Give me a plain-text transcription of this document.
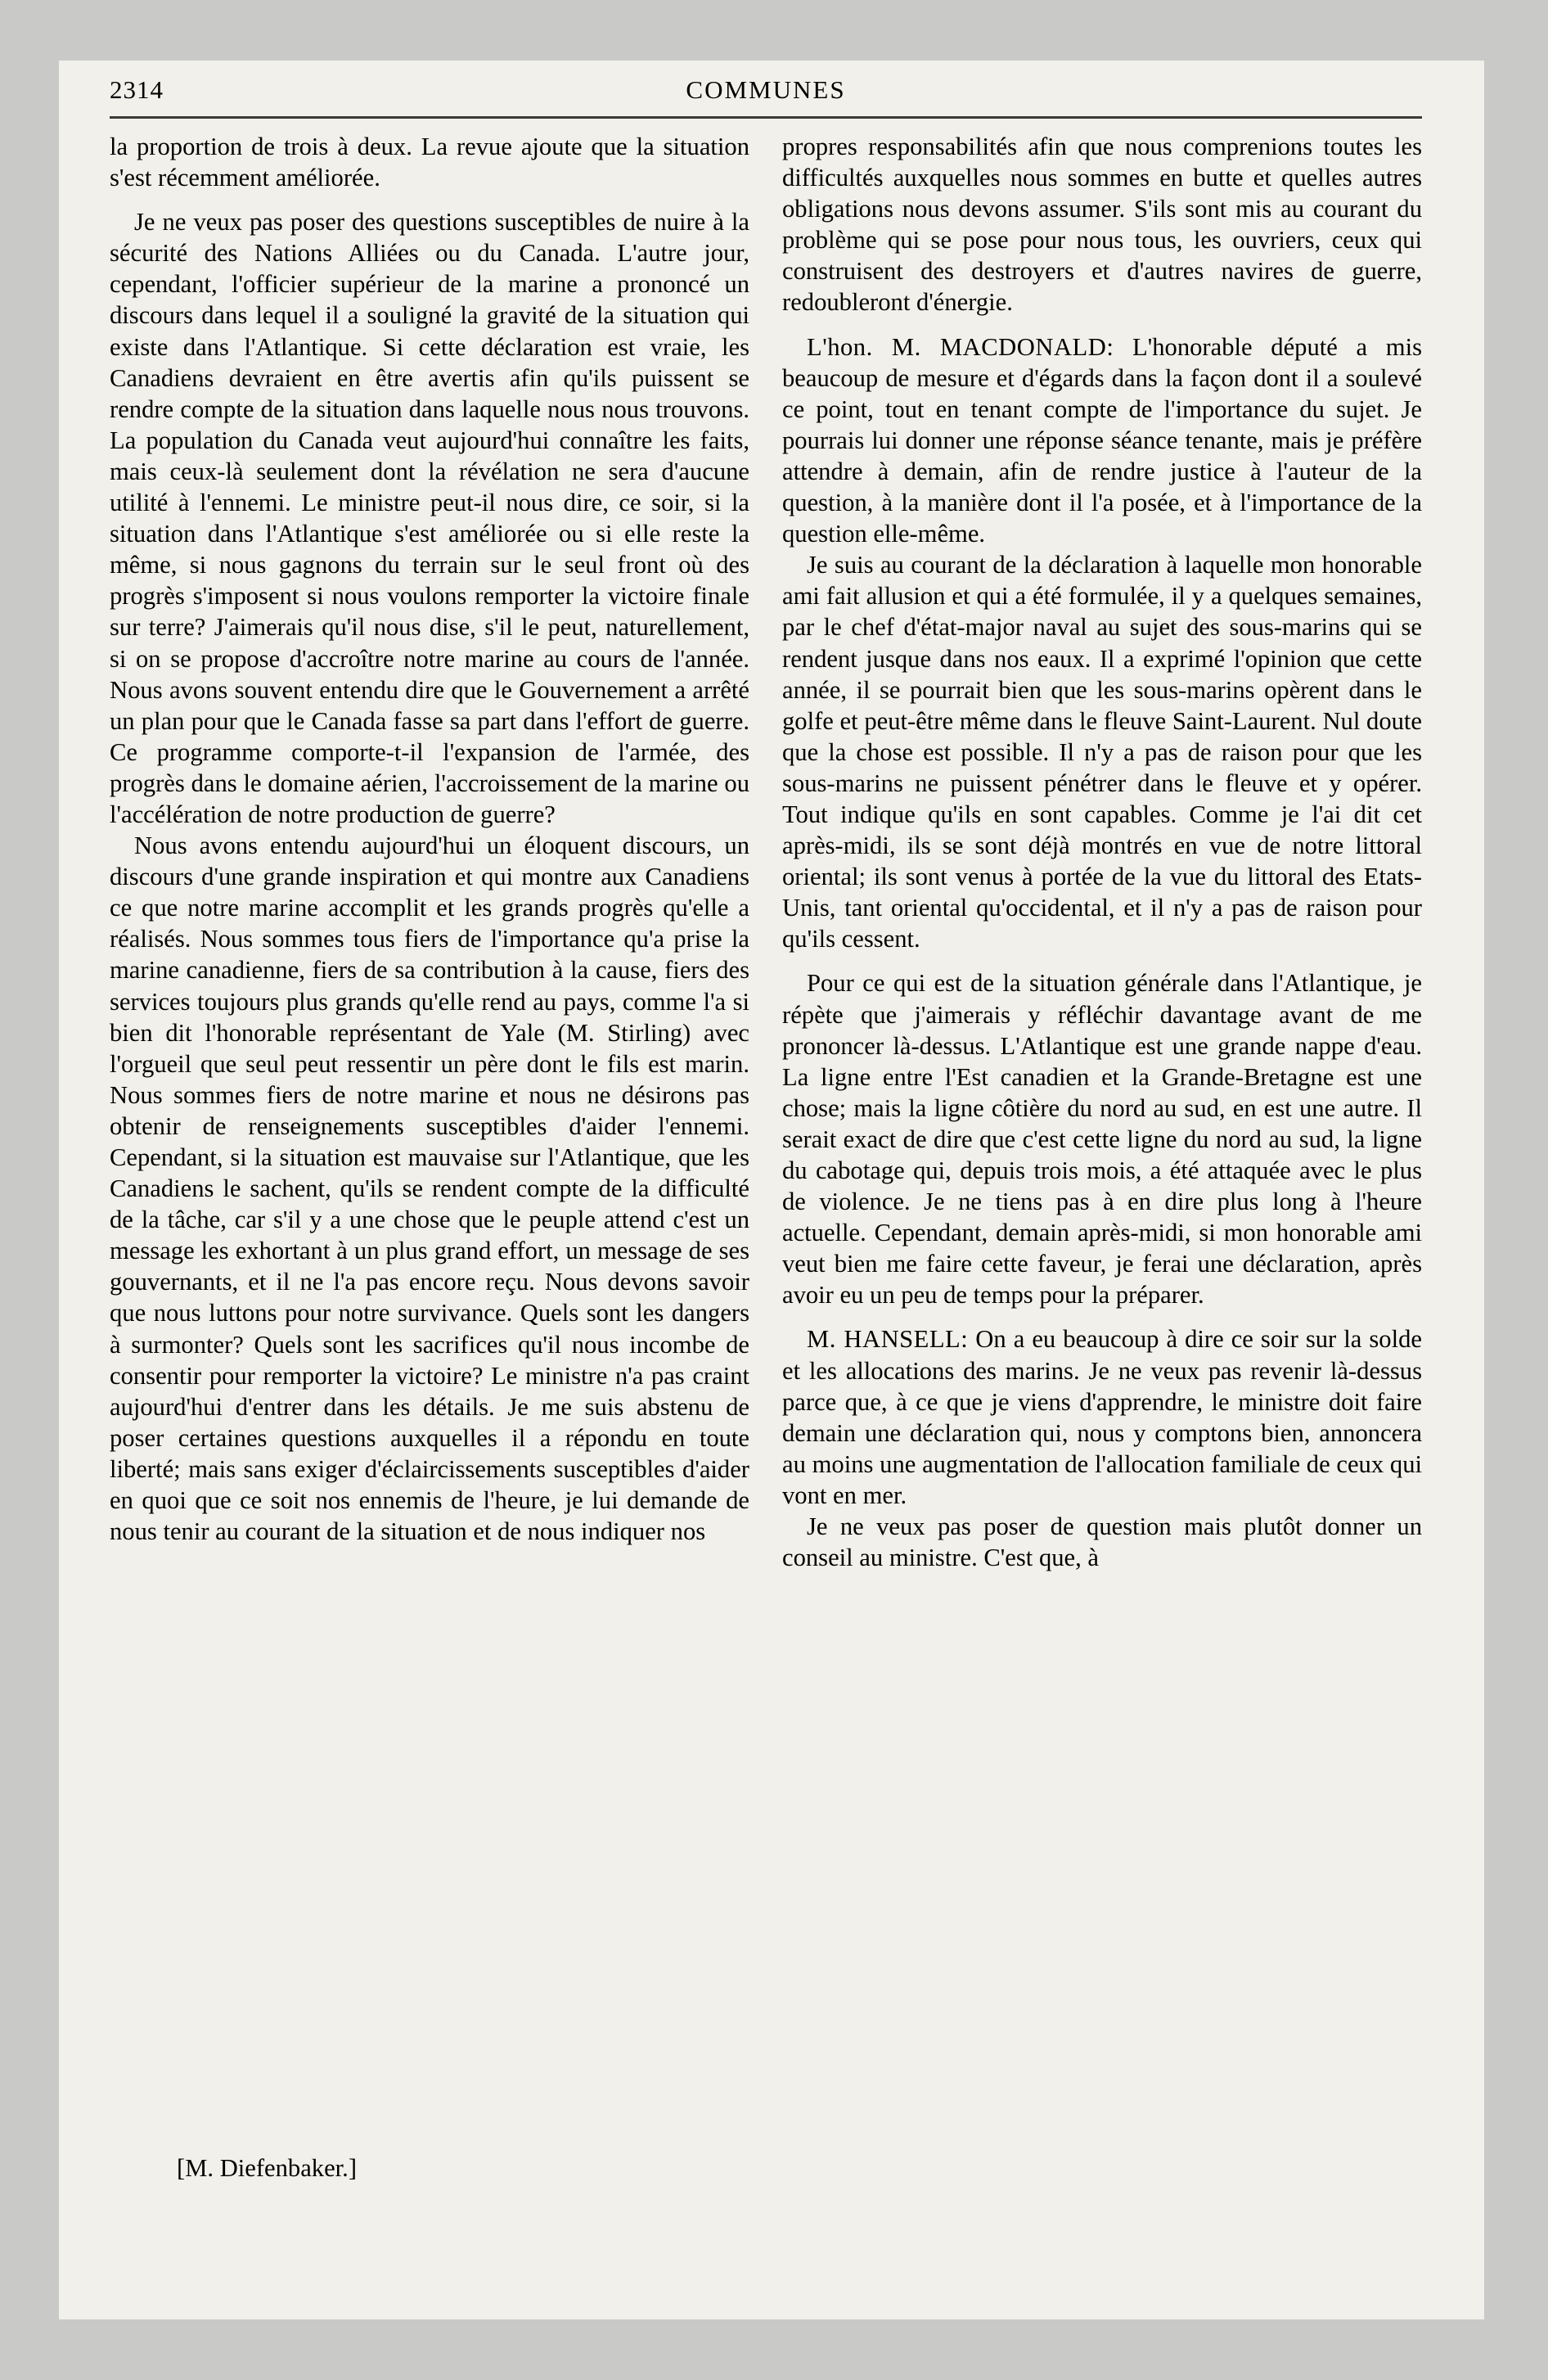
2314	COMMUNES

la proportion de trois à deux. La revue ajoute que la situation s'est récemment améliorée.

Je ne veux pas poser des questions susceptibles de nuire à la sécurité des Nations Alliées ou du Canada. L'autre jour, cependant, l'officier supérieur de la marine a prononcé un discours dans lequel il a souligné la gravité de la situation qui existe dans l'Atlantique. Si cette déclaration est vraie, les Canadiens devraient en être avertis afin qu'ils puissent se rendre compte de la situation dans laquelle nous nous trouvons. La population du Canada veut aujourd'hui connaître les faits, mais ceux-là seulement dont la révélation ne sera d'aucune utilité à l'ennemi. Le ministre peut-il nous dire, ce soir, si la situation dans l'Atlantique s'est améliorée ou si elle reste la même, si nous gagnons du terrain sur le seul front où des progrès s'imposent si nous voulons remporter la victoire finale sur terre? J'aimerais qu'il nous dise, s'il le peut, naturellement, si on se propose d'accroître notre marine au cours de l'année. Nous avons souvent entendu dire que le Gouvernement a arrêté un plan pour que le Canada fasse sa part dans l'effort de guerre. Ce programme comporte-t-il l'expansion de l'armée, des progrès dans le domaine aérien, l'accroissement de la marine ou l'accélération de notre production de guerre?

Nous avons entendu aujourd'hui un éloquent discours, un discours d'une grande inspiration et qui montre aux Canadiens ce que notre marine accomplit et les grands progrès qu'elle a réalisés. Nous sommes tous fiers de l'importance qu'a prise la marine canadienne, fiers de sa contribution à la cause, fiers des services toujours plus grands qu'elle rend au pays, comme l'a si bien dit l'honorable représentant de Yale (M. Stirling) avec l'orgueil que seul peut ressentir un père dont le fils est marin. Nous sommes fiers de notre marine et nous ne désirons pas obtenir de renseignements susceptibles d'aider l'ennemi. Cependant, si la situation est mauvaise sur l'Atlantique, que les Canadiens le sachent, qu'ils se rendent compte de la difficulté de la tâche, car s'il y a une chose que le peuple attend c'est un message les exhortant à un plus grand effort, un message de ses gouvernants, et il ne l'a pas encore reçu. Nous devons savoir que nous luttons pour notre survivance. Quels sont les dangers à surmonter? Quels sont les sacrifices qu'il nous incombe de consentir pour remporter la victoire? Le ministre n'a pas craint aujourd'hui d'entrer dans les détails. Je me suis abstenu de poser certaines questions auxquelles il a répondu en toute liberté; mais sans exiger d'éclaircissements susceptibles d'aider en quoi que ce soit nos ennemis de l'heure, je lui demande de nous tenir au courant de la situation et de nous indiquer nos

[M. Diefenbaker.]

propres responsabilités afin que nous comprenions toutes les difficultés auxquelles nous sommes en butte et quelles autres obligations nous devons assumer. S'ils sont mis au courant du problème qui se pose pour nous tous, les ouvriers, ceux qui construisent des destroyers et d'autres navires de guerre, redoubleront d'énergie.

L'hon. M. MACDONALD: L'honorable député a mis beaucoup de mesure et d'égards dans la façon dont il a soulevé ce point, tout en tenant compte de l'importance du sujet. Je pourrais lui donner une réponse séance tenante, mais je préfère attendre à demain, afin de rendre justice à l'auteur de la question, à la manière dont il l'a posée, et à l'importance de la question elle-même.

Je suis au courant de la déclaration à laquelle mon honorable ami fait allusion et qui a été formulée, il y a quelques semaines, par le chef d'état-major naval au sujet des sous-marins qui se rendent jusque dans nos eaux. Il a exprimé l'opinion que cette année, il se pourrait bien que les sous-marins opèrent dans le golfe et peut-être même dans le fleuve Saint-Laurent. Nul doute que la chose est possible. Il n'y a pas de raison pour que les sous-marins ne puissent pénétrer dans le fleuve et y opérer. Tout indique qu'ils en sont capables. Comme je l'ai dit cet après-midi, ils se sont déjà montrés en vue de notre littoral oriental; ils sont venus à portée de la vue du littoral des Etats-Unis, tant oriental qu'occidental, et il n'y a pas de raison pour qu'ils cessent.

Pour ce qui est de la situation générale dans l'Atlantique, je répète que j'aimerais y réfléchir davantage avant de me prononcer là-dessus. L'Atlantique est une grande nappe d'eau. La ligne entre l'Est canadien et la Grande-Bretagne est une chose; mais la ligne côtière du nord au sud, en est une autre. Il serait exact de dire que c'est cette ligne du nord au sud, la ligne du cabotage qui, depuis trois mois, a été attaquée avec le plus de violence. Je ne tiens pas à en dire plus long à l'heure actuelle. Cependant, demain après-midi, si mon honorable ami veut bien me faire cette faveur, je ferai une déclaration, après avoir eu un peu de temps pour la préparer.

M. HANSELL: On a eu beaucoup à dire ce soir sur la solde et les allocations des marins. Je ne veux pas revenir là-dessus parce que, à ce que je viens d'apprendre, le ministre doit faire demain une déclaration qui, nous y comptons bien, annoncera au moins une augmentation de l'allocation familiale de ceux qui vont en mer.

Je ne veux pas poser de question mais plutôt donner un conseil au ministre. C'est que, à
